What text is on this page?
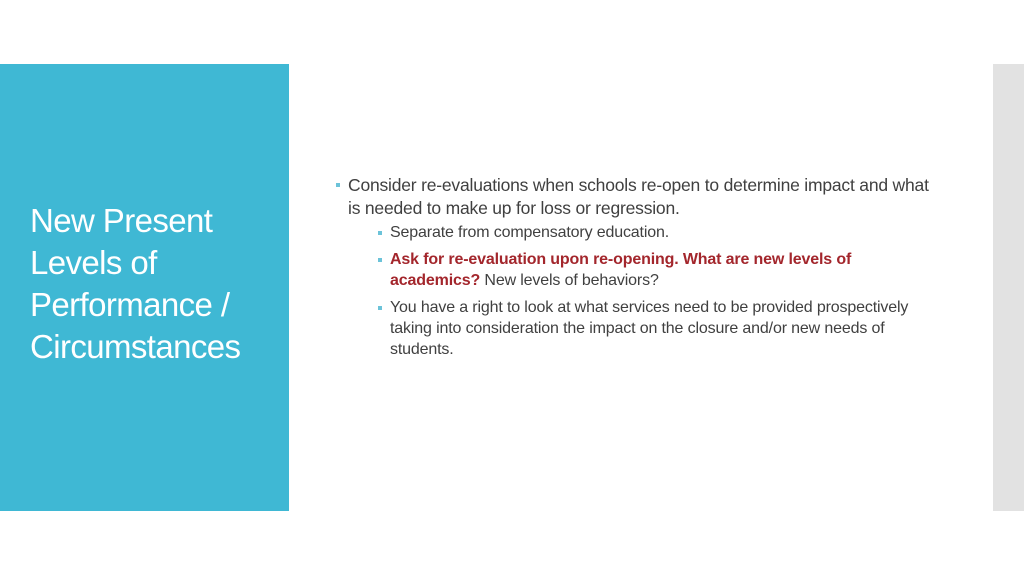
New Present
Levels of
Performance /
Circumstances
Consider re-evaluations when schools re-open to determine impact and what is needed to make up for loss or regression.
Separate from compensatory education.
Ask for re-evaluation upon re-opening. What are new levels of academics? New levels of behaviors?
You have a right to look at what services need to be provided prospectively taking into consideration the impact on the closure and/or new needs of students.
